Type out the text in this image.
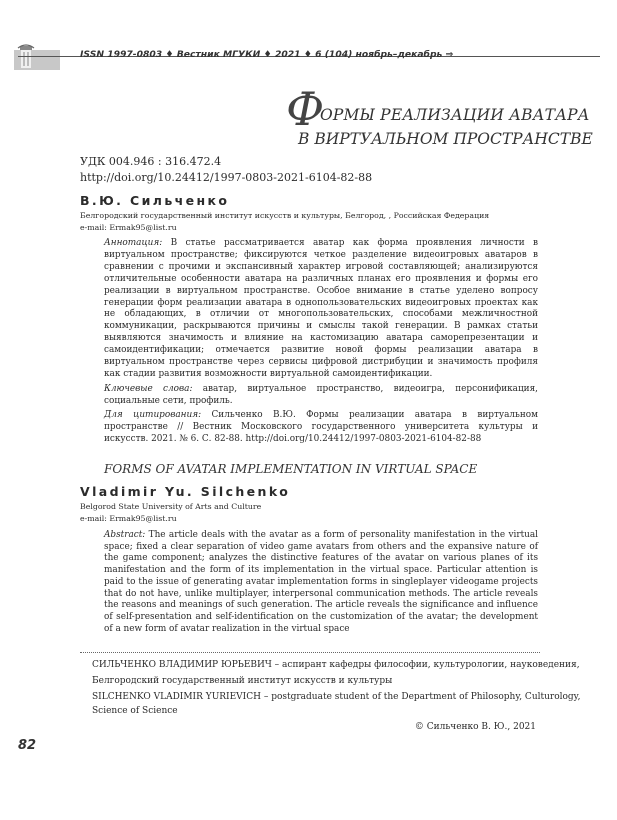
ISSN 1997-0803 ♦ Вестник МГУКИ ♦ 2021 ♦ 6 (104) ноябрь–декабрь ⇒
Ф
ОРМЫ РЕАЛИЗАЦИИ АВАТАРА
В ВИРТУАЛЬНОМ ПРОСТРАНСТВЕ
УДК 004.946 : 316.472.4
http://doi.org/10.24412/1997-0803-2021-6104-82-88
В.Ю. Сильченко
Белгородский государственный институт искусств и культуры, Белгород, , Российская Федерация
e-mail: Ermak95@list.ru

Аннотация: В статье рассматривается аватар как форма проявления личности в виртуальном пространстве; фиксируются четкое разделение видеоигровых аватаров в сравнении с прочими и экспансивный характер игровой составляющей; анализируются отличительные особенности аватара на различных планах его проявления и формы его реализации в виртуальном пространстве. Особое внимание в статье уделено вопросу генерации форм реализации аватара в однопользовательских видеоигровых проектах как не обладающих, в отличии от многопользовательских, способами межличностной коммуникации, раскрываются причины и смыслы такой генерации. В рамках статьи выявляются значимость и влияние на кастомизацию аватара саморепрезентации и самоидентификации; отмечается развитие новой формы реализации аватара в виртуальном пространстве через сервисы цифровой дистрибуции и значимость профиля как стадии развития возможности виртуальной самоидентификации.

Ключевые слова: аватар, виртуальное пространство, видеоигра, персонификация, социальные сети, профиль.

Для цитирования: Сильченко В.Ю. Формы реализации аватара в виртуальном пространстве // Вестник Московского государственного университета культуры и искусств. 2021. № 6. С. 82-88. http://doi.org/10.24412/1997-0803-2021-6104-82-88

FORMS OF AVATAR IMPLEMENTATION IN VIRTUAL SPACE
Vladimir Yu. Silchenko
Belgorod State University of Arts and Culture
e-mail: Ermak95@list.ru

Abstract: The article deals with the avatar as a form of personality manifestation in the virtual space; fixed a clear separation of video game avatars from others and the expansive nature of the game component; analyzes the distinctive features of the avatar on various planes of its manifestation and the form of its implementation in the virtual space. Particular attention is paid to the issue of generating avatar implementation forms in singleplayer videogame projects that do not have, unlike multiplayer, interpersonal communication methods. The article reveals the reasons and meanings of such generation. The article reveals the significance and influence of self-presentation and self-identification on the customization of the avatar; the development of a new form of avatar realization in the virtual space

СИЛЬЧЕНКО ВЛАДИМИР ЮРЬЕВИЧ – аспирант кафедры философии, культурологии, науковедения,
Белгородский государственный институт искусств и культуры
SILCHENKO VLADIMIR YURIEVICH – postgraduate student of the Department of Philosophy, Culturology,
Science of Science
© Сильченко В. Ю., 2021
82
